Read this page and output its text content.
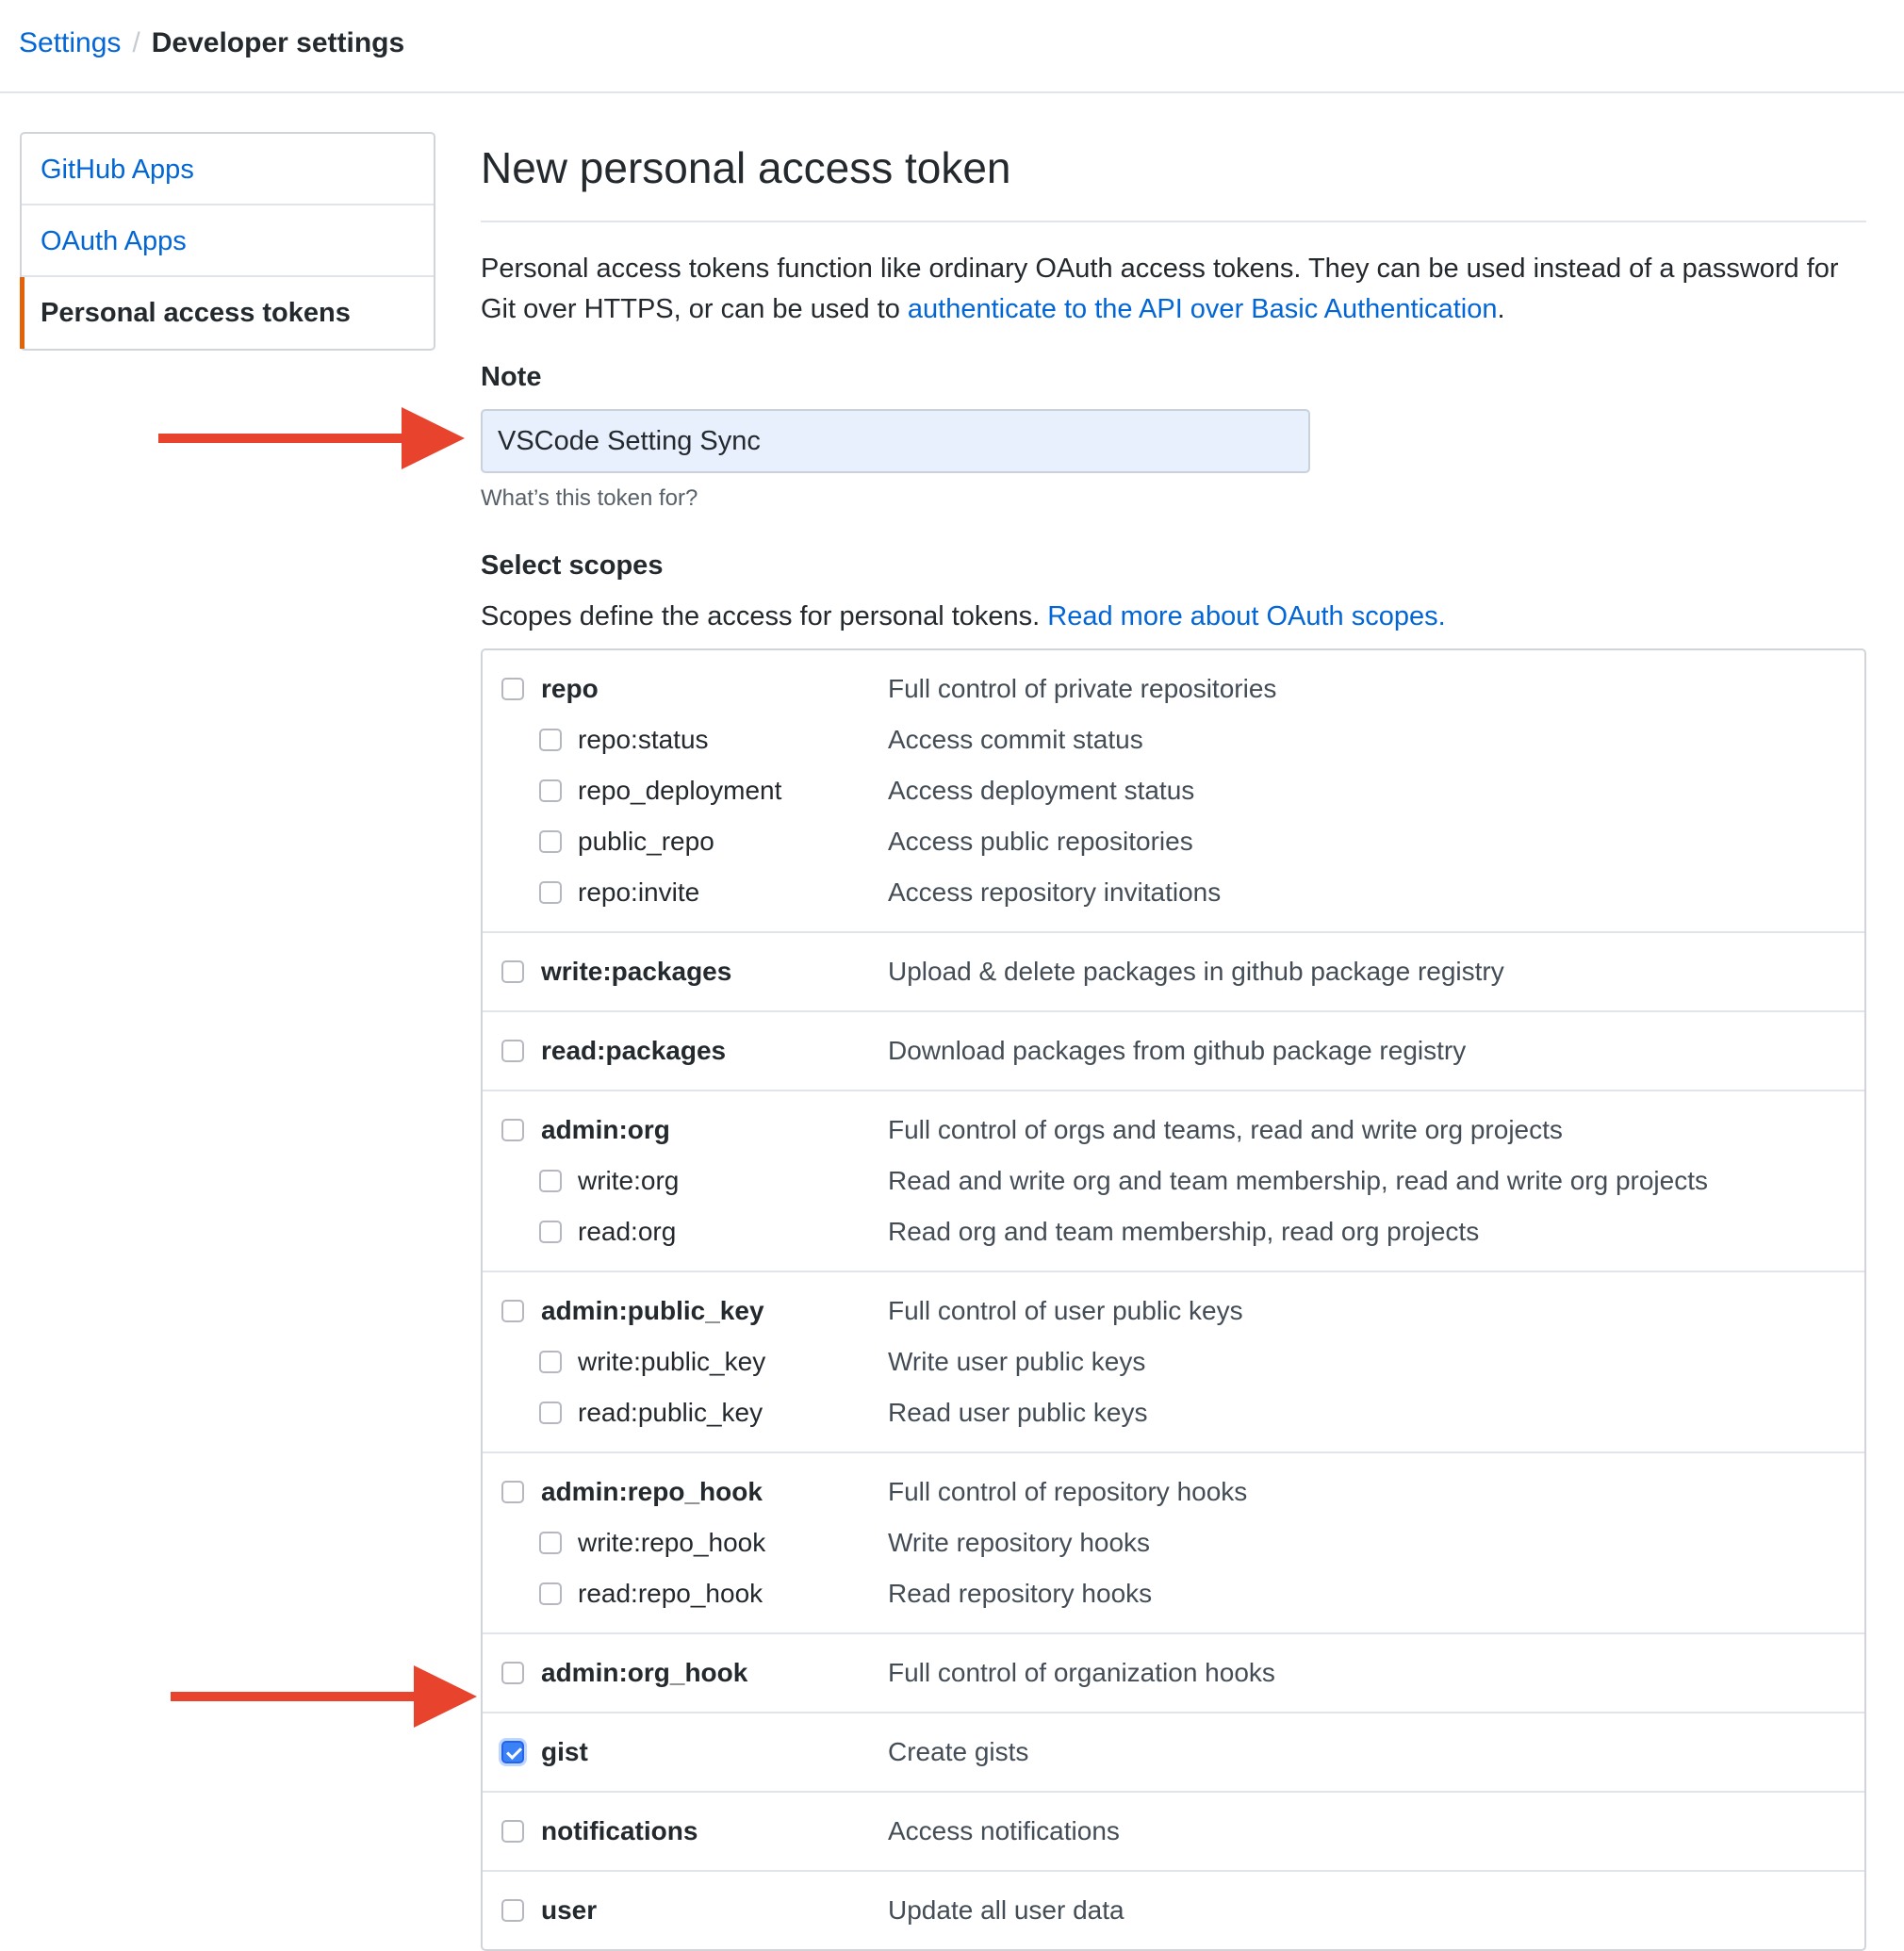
Settings / Developer settings
GitHub Apps
OAuth Apps
Personal access tokens
New personal access token

Personal access tokens function like ordinary OAuth access tokens. They can be used instead of a password for Git over HTTPS, or can be used to authenticate to the API over Basic Authentication.

Note
VSCode Setting Sync
What’s this token for?
Select scopes
Scopes define the access for personal tokens. Read more about OAuth scopes.
repo	Full control of private repositories
repo:status	Access commit status
repo_deployment	Access deployment status
public_repo	Access public repositories
repo:invite	Access repository invitations
write:packages	Upload & delete packages in github package registry
read:packages	Download packages from github package registry
admin:org	Full control of orgs and teams, read and write org projects
write:org	Read and write org and team membership, read and write org projects
read:org	Read org and team membership, read org projects
admin:public_key	Full control of user public keys
write:public_key	Write user public keys
read:public_key	Read user public keys
admin:repo_hook	Full control of repository hooks
write:repo_hook	Write repository hooks
read:repo_hook	Read repository hooks
admin:org_hook	Full control of organization hooks
gist	Create gists
notifications	Access notifications
user	Update all user data
